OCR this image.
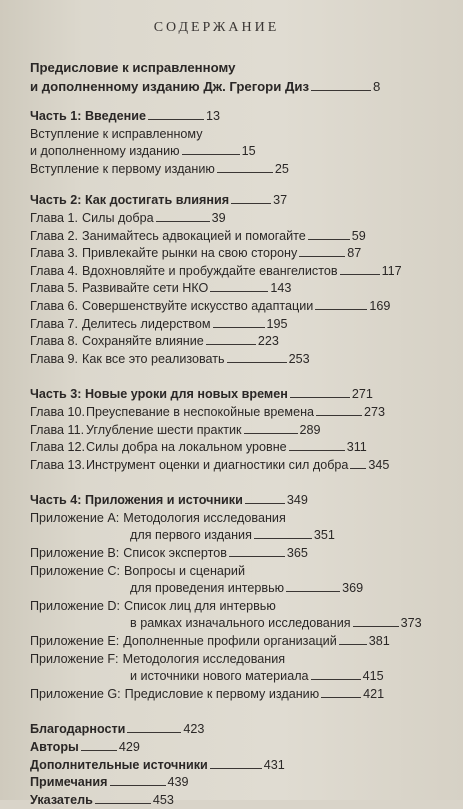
СОДЕРЖАНИЕ
Предисловие к исправленному
и дополненному изданию Дж. Грегори Диз	8
Часть 1: Введение	13
Вступление к исправленному
и дополненному изданию	15
Вступление к первому изданию	25
Часть 2: Как достигать влияния	37
Глава 1. Силы добра	39
Глава 2. Занимайтесь адвокацией и помогайте	59
Глава 3. Привлекайте рынки на свою сторону	87
Глава 4. Вдохновляйте и пробуждайте евангелистов	117
Глава 5. Развивайте сети НКО	143
Глава 6. Совершенствуйте искусство адаптации	169
Глава 7. Делитесь лидерством	195
Глава 8. Сохраняйте влияние	223
Глава 9. Как все это реализовать	253
Часть 3: Новые уроки для новых времен	271
Глава 10. Преуспевание в неспокойные времена	273
Глава 11. Углубление шести практик	289
Глава 12. Силы добра на локальном уровне	311
Глава 13. Инструмент оценки и диагностики сил добра 345
Часть 4: Приложения и источники	349
Приложение A: Методология исследования
для первого издания	351
Приложение B: Список экспертов	365
Приложение C: Вопросы и сценарий
для проведения интервью	369
Приложение D: Список лиц для интервью
в рамках изначального исследования	373
Приложение E: Дополненные профили организаций	381
Приложение F: Методология исследования
и источники нового материала	415
Приложение G: Предисловие к первому изданию	421
Благодарности	423
Авторы	429
Дополнительные источники	431
Примечания	439
Указатель	453
